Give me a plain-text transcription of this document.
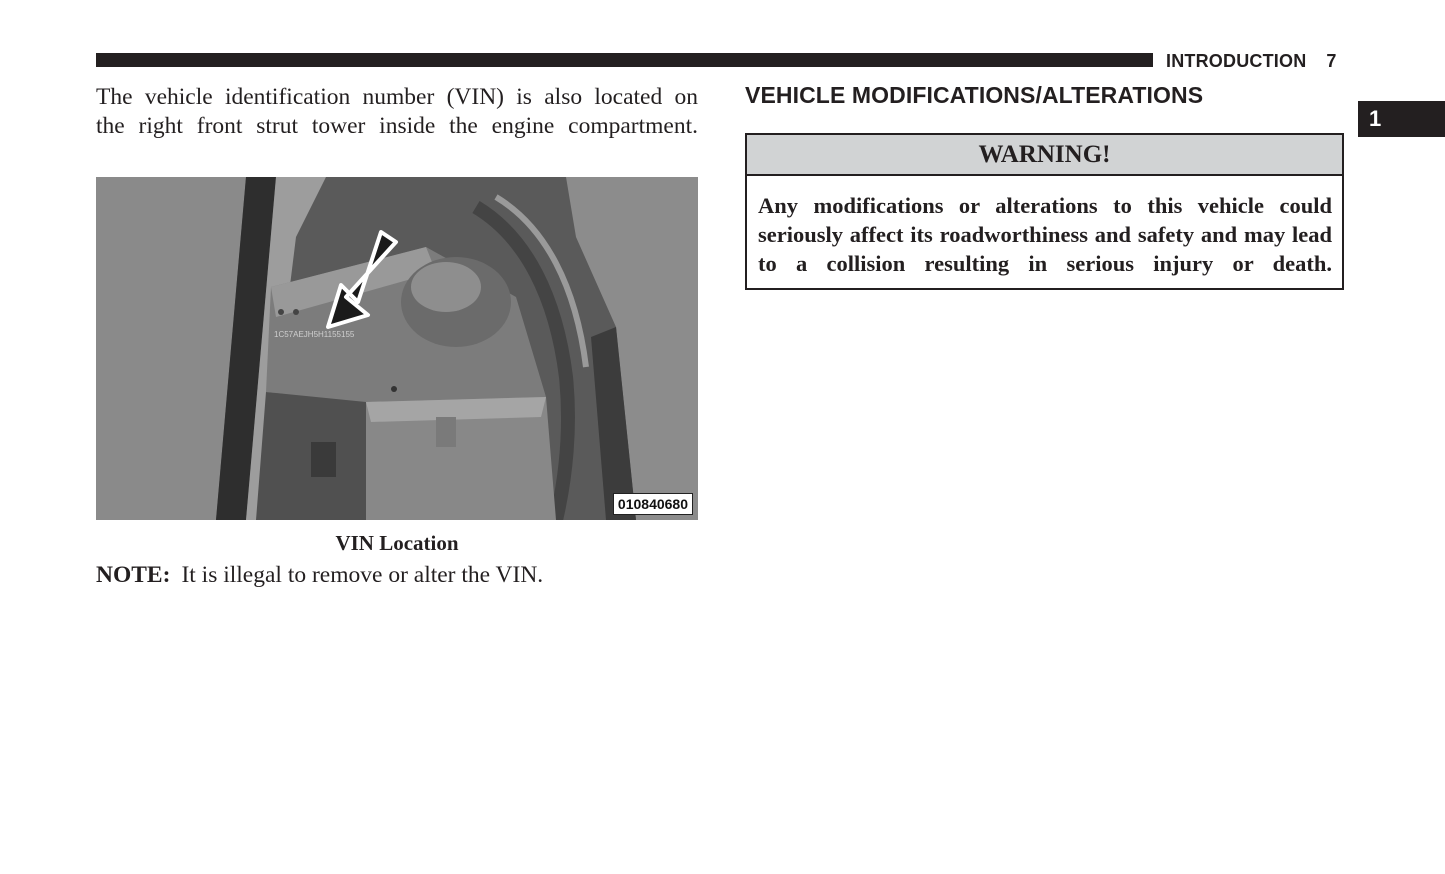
INTRODUCTION 7
1

The vehicle identification number (VIN) is also located on
the right front strut tower inside the engine compartment.

1C57AEJH5H1155155
010840680

VIN Location

NOTE: It is illegal to remove or alter the VIN.

VEHICLE MODIFICATIONS/ALTERATIONS
WARNING!

Any modifications or alterations to this vehicle could seriously affect its roadworthiness and safety and may lead to a collision resulting in serious injury or death.
